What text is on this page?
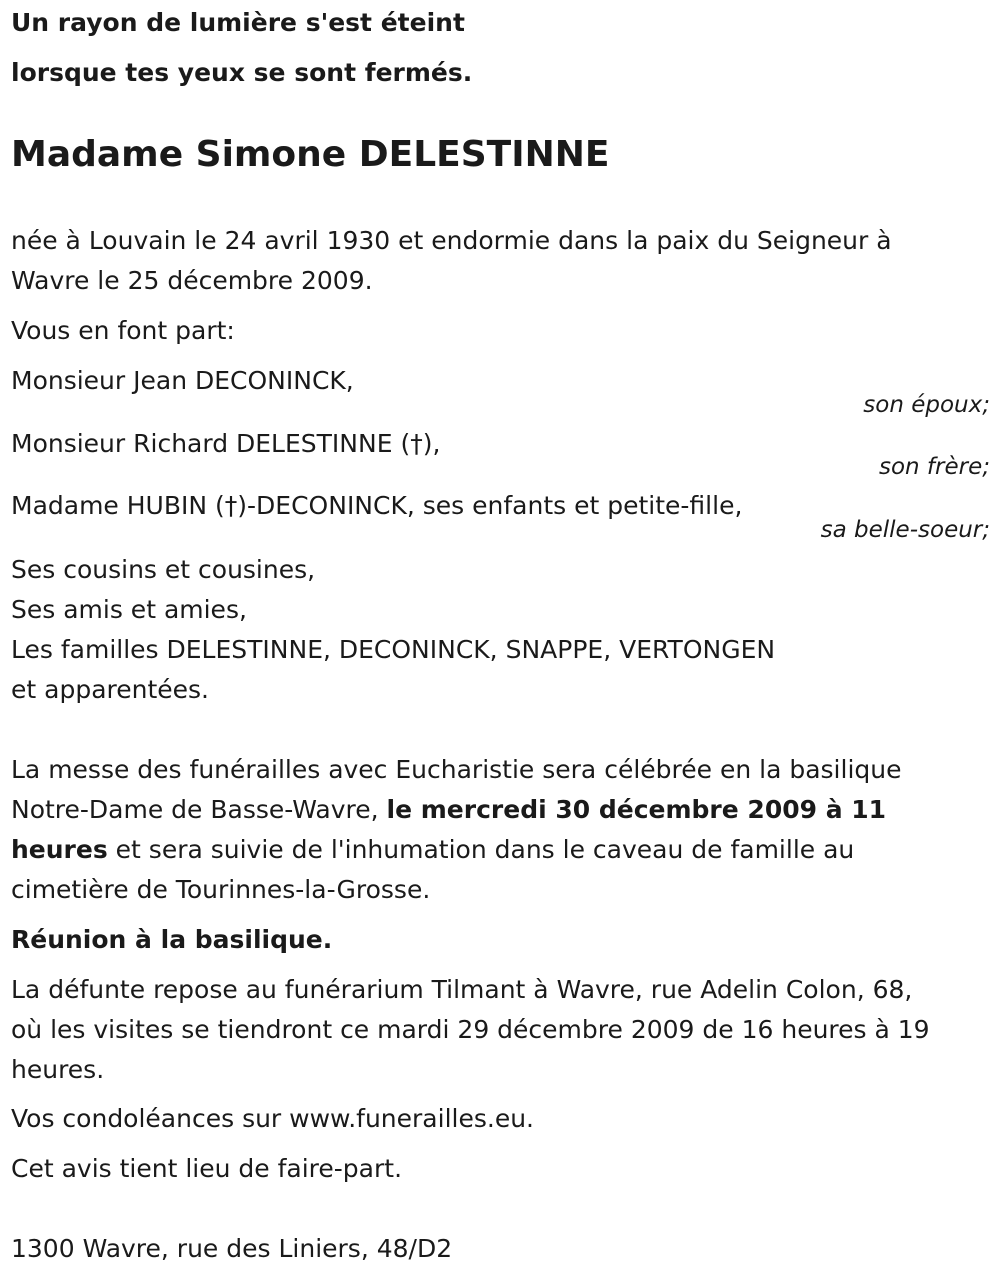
Un rayon de lumière s'est éteint
lorsque tes yeux se sont fermés.
Madame Simone DELESTINNE
née à Louvain le 24 avril 1930 et endormie dans la paix du Seigneur à
Wavre le 25 décembre 2009.
Vous en font part:
Monsieur Jean DECONINCK,
son époux;
Monsieur Richard DELESTINNE (†),
son frère;
Madame HUBIN (†)-DECONINCK, ses enfants et petite-fille,
sa belle-soeur;
Ses cousins et cousines,
Ses amis et amies,
Les familles DELESTINNE, DECONINCK, SNAPPE, VERTONGEN
et apparentées.
La messe des funérailles avec Eucharistie sera célébrée en la basilique
Notre-Dame de Basse-Wavre, le mercredi 30 décembre 2009 à 11
heures et sera suivie de l'inhumation dans le caveau de famille au
cimetière de Tourinnes-la-Grosse.
Réunion à la basilique.
La défunte repose au funérarium Tilmant à Wavre, rue Adelin Colon, 68,
où les visites se tiendront ce mardi 29 décembre 2009 de 16 heures à 19
heures.
Vos condoléances sur www.funerailles.eu.
Cet avis tient lieu de faire-part.
1300 Wavre, rue des Liniers, 48/D2
